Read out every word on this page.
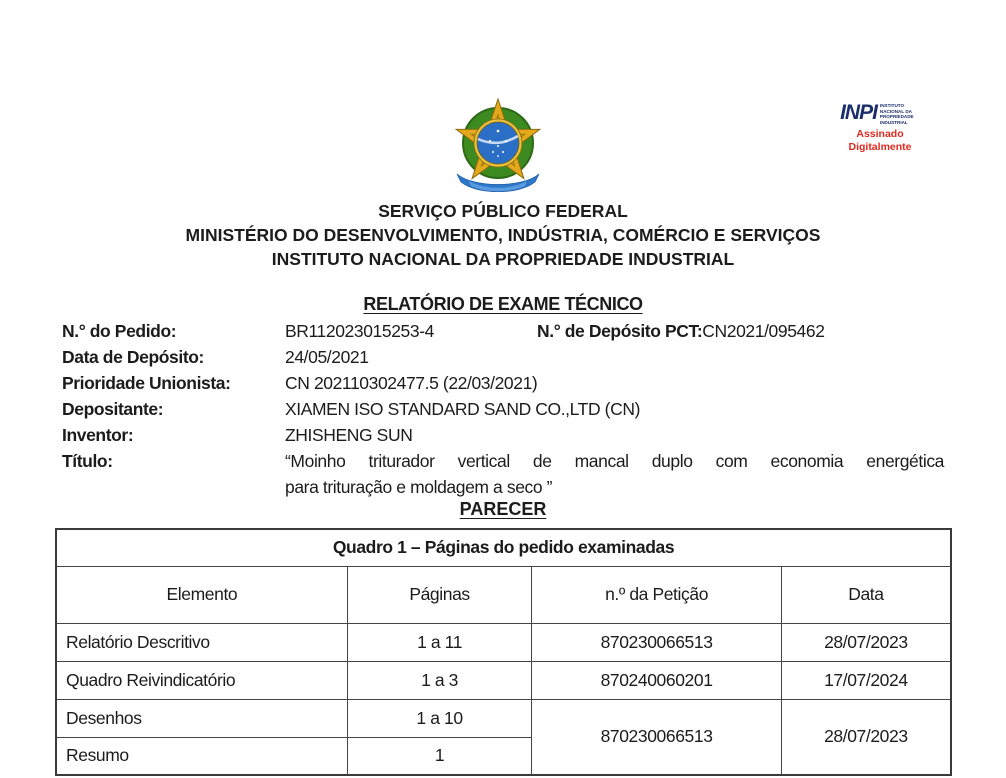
INPI INSTITUTO NACIONAL DA PROPRIEDADE INDUSTRIAL
Assinado
Digitalmente
SERVIÇO PÚBLICO FEDERAL
MINISTÉRIO DO DESENVOLVIMENTO, INDÚSTRIA, COMÉRCIO E SERVIÇOS
INSTITUTO NACIONAL DA PROPRIEDADE INDUSTRIAL
RELATÓRIO DE EXAME TÉCNICO
N.° do Pedido:	BR112023015253-4	N.° de Depósito PCT:CN2021/095462
Data de Depósito:	24/05/2021
Prioridade Unionista:	CN 202110302477.5 (22/03/2021)
Depositante:	XIAMEN ISO STANDARD SAND CO.,LTD (CN)
Inventor:	ZHISHENG SUN
Título:	“Moinho triturador vertical de mancal duplo com economia energética
para trituração e moldagem a seco ”
PARECER
Quadro 1 – Páginas do pedido examinadas			
Elemento	Páginas	n.º da Petição	Data
Relatório Descritivo	1 a 11	870230066513	28/07/2023
Quadro Reivindicatório	1 a 3	870240060201	17/07/2024
Desenhos	1 a 10	870230066513	28/07/2023
Resumo	1		
